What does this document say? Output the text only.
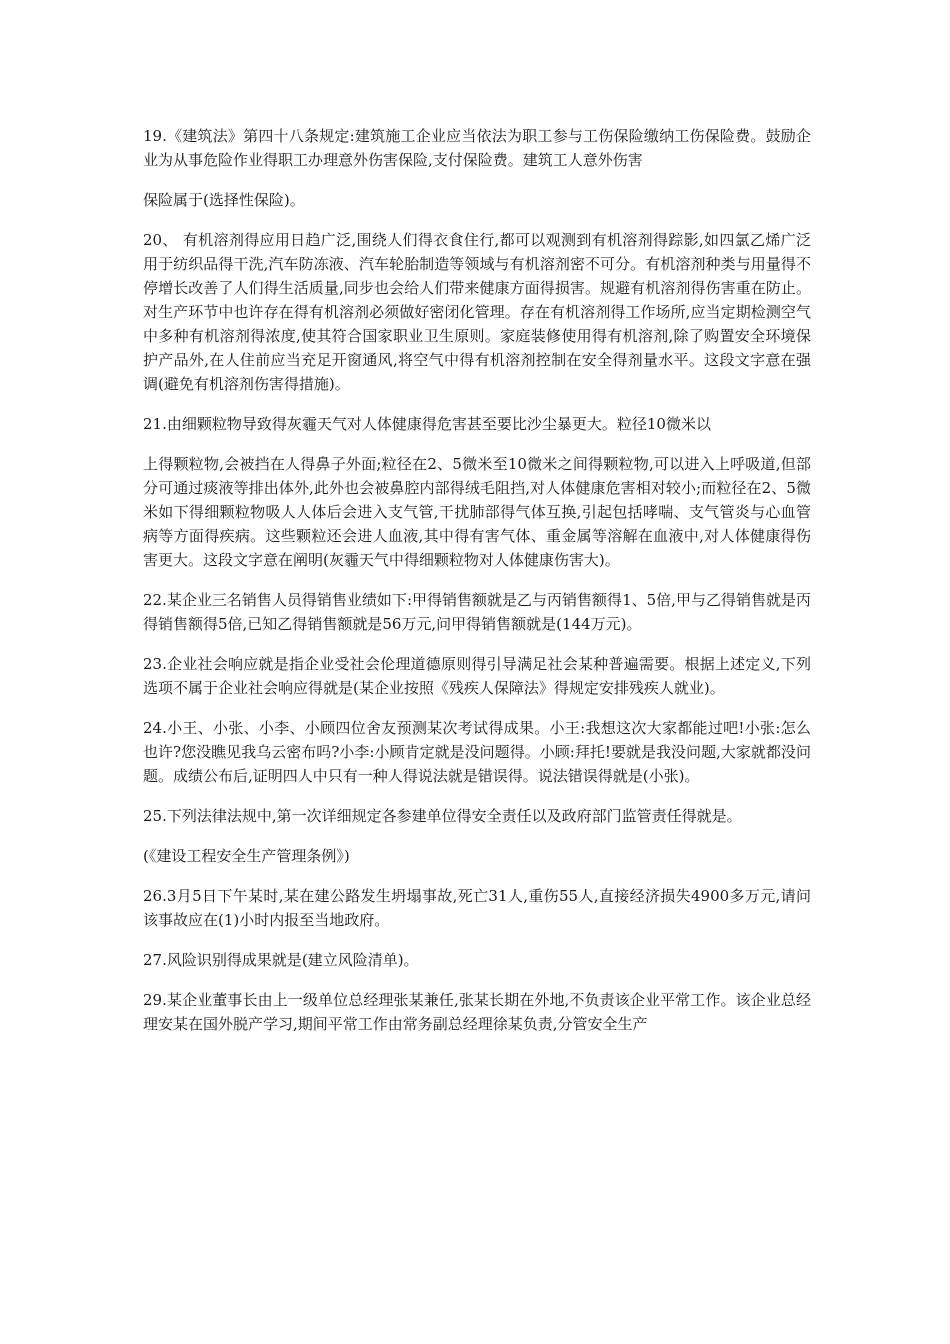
19.《建筑法》第四十八条规定:建筑施工企业应当依法为职工参与工伤保险缴纳工伤保险费。鼓励企业为从事危险作业得职工办理意外伤害保险,支付保险费。建筑工人意外伤害

保险属于(选择性保险)。

20、 有机溶剂得应用日趋广泛,围绕人们得衣食住行,都可以观测到有机溶剂得踪影,如四氯乙烯广泛用于纺织品得干洗,汽车防冻液、汽车轮胎制造等领域与有机溶剂密不可分。有机溶剂种类与用量得不停增长改善了人们得生活质量,同步也会给人们带来健康方面得损害。规避有机溶剂得伤害重在防止。对生产环节中也许存在得有机溶剂必须做好密闭化管理。存在有机溶剂得工作场所,应当定期检测空气中多种有机溶剂得浓度,使其符合国家职业卫生原则。家庭装修使用得有机溶剂,除了购置安全环境保护产品外,在人住前应当充足开窗通风,将空气中得有机溶剂控制在安全得剂量水平。这段文字意在强调(避免有机溶剂伤害得措施)。

21.由细颗粒物导致得灰霾天气对人体健康得危害甚至要比沙尘暴更大。粒径10微米以

上得颗粒物,会被挡在人得鼻子外面;粒径在2、5微米至10微米之间得颗粒物,可以进入上呼吸道,但部分可通过痰液等排出体外,此外也会被鼻腔内部得绒毛阻挡,对人体健康危害相对较小;而粒径在2、5微米如下得细颗粒物吸人人体后会进入支气管,干扰肺部得气体互换,引起包括哮喘、支气管炎与心血管病等方面得疾病。这些颗粒还会进人血液,其中得有害气体、重金属等溶解在血液中,对人体健康得伤害更大。这段文字意在阐明(灰霾天气中得细颗粒物对人体健康伤害大)。

22.某企业三名销售人员得销售业绩如下:甲得销售额就是乙与丙销售额得1、5倍,甲与乙得销售就是丙得销售额得5倍,已知乙得销售额就是56万元,问甲得销售额就是(144万元)。

23.企业社会响应就是指企业受社会伦理道德原则得引导满足社会某种普遍需要。根据上述定义,下列选项不属于企业社会响应得就是(某企业按照《残疾人保障法》得规定安排残疾人就业)。

24.小王、小张、小李、小顾四位舍友预测某次考试得成果。小王:我想这次大家都能过吧!小张:怎么也许?您没瞧见我乌云密布吗?小李:小顾肯定就是没问题得。小顾:拜托!要就是我没问题,大家就都没问题。成绩公布后,证明四人中只有一种人得说法就是错误得。说法错误得就是(小张)。

25.下列法律法规中,第一次详细规定各参建单位得安全责任以及政府部门监管责任得就是。

(《建设工程安全生产管理条例》)

26.3月5日下午某时,某在建公路发生坍塌事故,死亡31人,重伤55人,直接经济损失4900多万元,请问该事故应在(1)小时内报至当地政府。

27.风险识别得成果就是(建立风险清单)。

29.某企业董事长由上一级单位总经理张某兼任,张某长期在外地,不负责该企业平常工作。该企业总经理安某在国外脱产学习,期间平常工作由常务副总经理徐某负责,分管安全生产
